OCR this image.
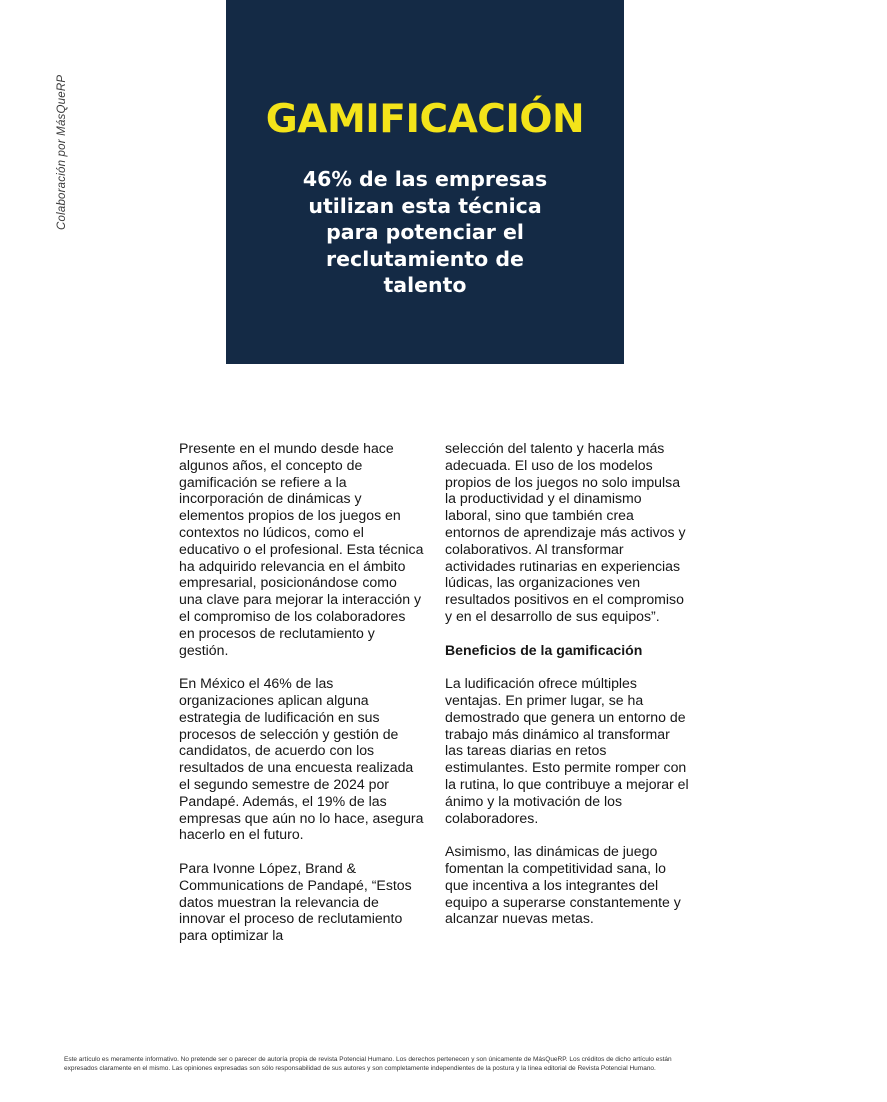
Colaboración por MásQueRP	GAMIFICACIÓN
46% de las empresas utilizan esta técnica para potenciar el reclutamiento de talento

Presente en el mundo desde hace algunos años, el concepto de gamificación se refiere a la incorporación de dinámicas y elementos propios de los juegos en contextos no lúdicos, como el educativo o el profesional. Esta técnica ha adquirido relevancia en el ámbito empresarial, posicionándose como una clave para mejorar la interacción y el compromiso de los colaboradores en procesos de reclutamiento y gestión.

En México el 46% de las organizaciones aplican alguna estrategia de ludificación en sus procesos de selección y gestión de candidatos, de acuerdo con los resultados de una encuesta realizada el segundo semestre de 2024 por Pandapé. Además, el 19% de las empresas que aún no lo hace, asegura hacerlo en el futuro.

Para Ivonne López, Brand & Communications de Pandapé, “Estos datos muestran la relevancia de innovar el proceso de reclutamiento para optimizar la

selección del talento y hacerla más adecuada. El uso de los modelos propios de los juegos no solo impulsa la productividad y el dinamismo laboral, sino que también crea entornos de aprendizaje más activos y colaborativos. Al transformar actividades rutinarias en experiencias lúdicas, las organizaciones ven resultados positivos en el compromiso y en el desarrollo de sus equipos”.

Beneficios de la gamificación

La ludificación ofrece múltiples ventajas. En primer lugar, se ha demostrado que genera un entorno de trabajo más dinámico al transformar las tareas diarias en retos estimulantes. Esto permite romper con la rutina, lo que contribuye a mejorar el ánimo y la motivación de los colaboradores.

Asimismo, las dinámicas de juego fomentan la competitividad sana, lo que incentiva a los integrantes del equipo a superarse constantemente y alcanzar nuevas metas.

Este artículo es meramente informativo. No pretende ser o parecer de autoría propia de revista Potencial Humano. Los derechos pertenecen y son únicamente de MásQueRP. Los créditos de dicho artículo están
expresados claramente en el mismo. Las opiniones expresadas son sólo responsabilidad de sus autores y son completamente independientes de la postura y la línea editorial de Revista Potencial Humano.
